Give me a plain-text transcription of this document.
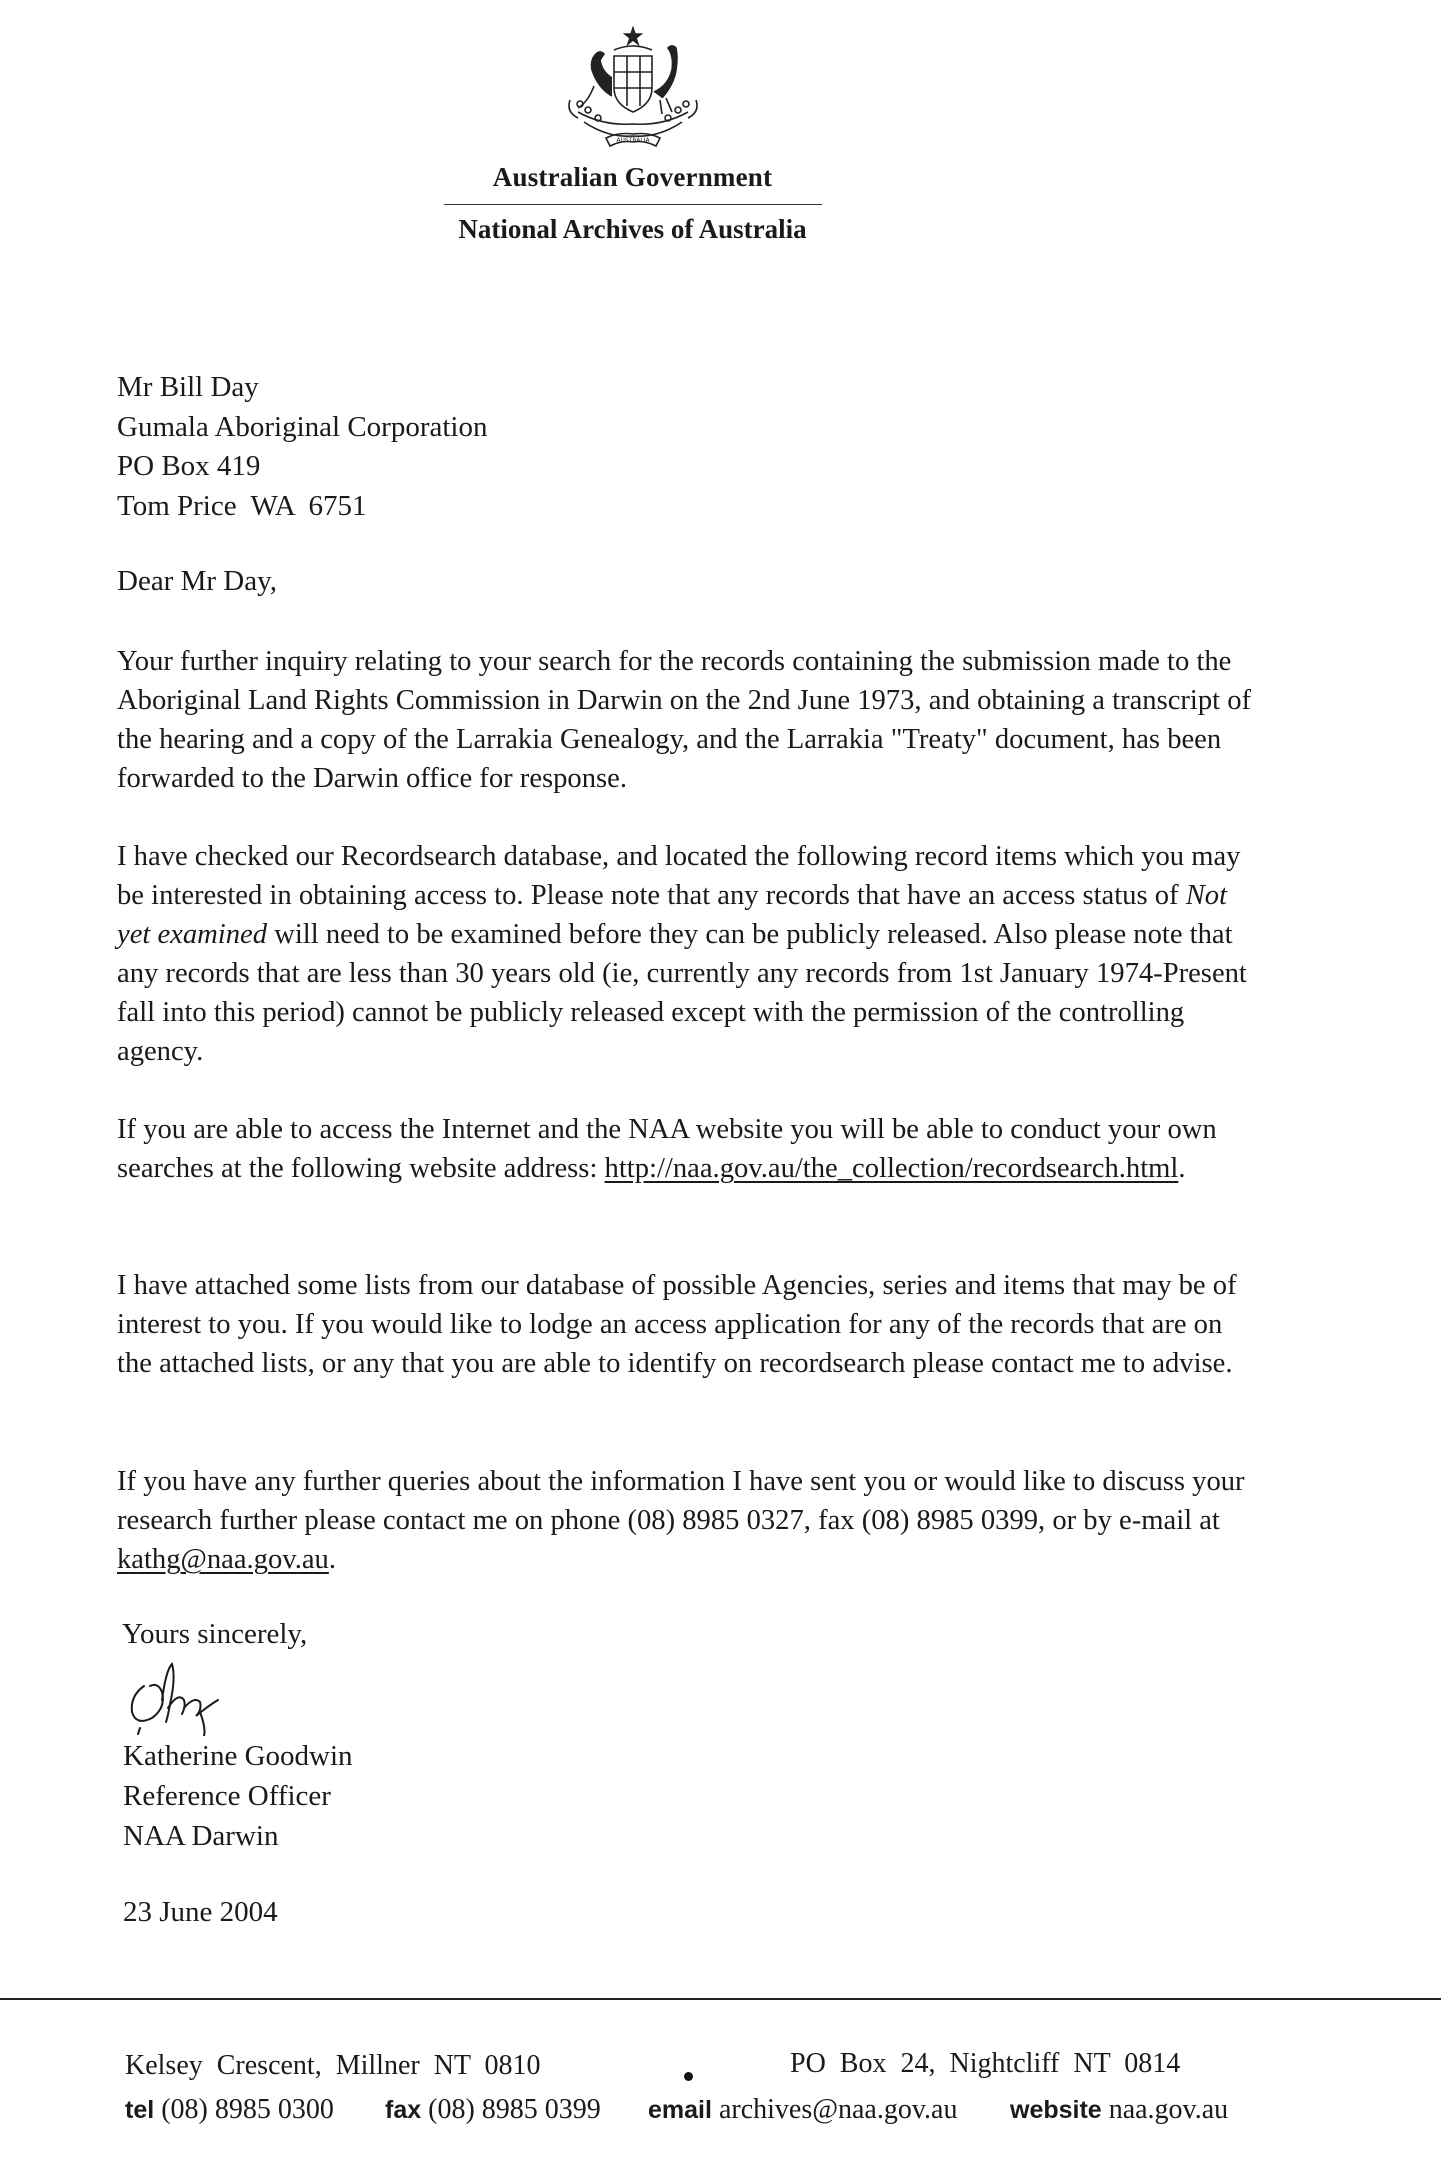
AUSTRALIA
Australian Government
National Archives of Australia
Mr Bill Day
Gumala Aboriginal Corporation
PO Box 419
Tom Price  WA  6751
Dear Mr Day,

Your further inquiry relating to your search for the records containing the submission made to the Aboriginal Land Rights Commission in Darwin on the 2nd June 1973, and obtaining a transcript of the hearing and a copy of the Larrakia Genealogy, and the Larrakia "Treaty" document, has been forwarded to the Darwin office for response.

I have checked our Recordsearch database, and located the following record items which you may be interested in obtaining access to. Please note that any records that have an access status of Not yet examined will need to be examined before they can be publicly released. Also please note that any records that are less than 30 years old (ie, currently any records from 1st January 1974-Present fall into this period) cannot be publicly released except with the permission of the controlling agency.

If you are able to access the Internet and the NAA website you will be able to conduct your own searches at the following website address: http://naa.gov.au/the_collection/recordsearch.html.

I have attached some lists from our database of possible Agencies, series and items that may be of interest to you. If you would like to lodge an access application for any of the records that are on the attached lists, or any that you are able to identify on recordsearch please contact me to advise.

If you have any further queries about the information I have sent you or would like to discuss your research further please contact me on phone (08) 8985 0327, fax (08) 8985 0399, or by e-mail at kathg@naa.gov.au.

Yours sincerely,
Katherine Goodwin
Reference Officer
NAA Darwin
23 June 2004
Kelsey  Crescent,  Millner  NT  0810	PO  Box  24,  Nightcliff  NT  0814
tel (08) 8985 0300 fax (08) 8985 0399 email archives@naa.gov.au website naa.gov.au
